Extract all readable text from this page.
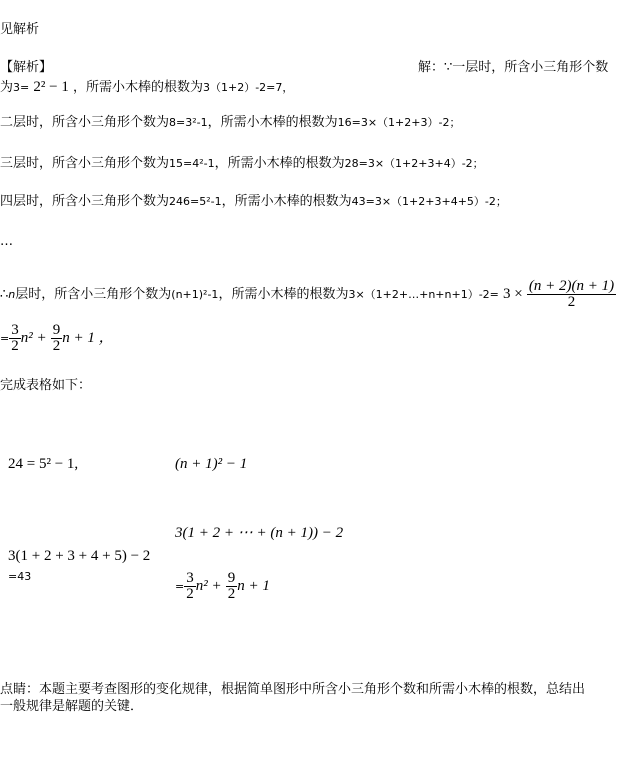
见解析
【解析】	解：∵一层时，所含小三角形个数
为3= 2² − 1 ，所需小木棒的根数为3（1+2）-2=7，
二层时，所含小三角形个数为8=3²-1，所需小木棒的根数为16=3×（1+2+3）-2；
三层时，所含小三角形个数为15=4²-1，所需小木棒的根数为28=3×（1+2+3+4）-2；
四层时，所含小三角形个数为246=5²-1，所需小木棒的根数为43=3×（1+2+3+4+5）-2；
…
∴n层时，所含小三角形个数为(n+1)²-1，所需小木棒的根数为3×（1+2+…+n+n+1）-2= $3 \times \frac{(n + 2)(n + 1)}{2}$
= $\frac{3}{2} n^2 + \frac{9}{2}$ n + 1 ，
完成表格如下：
24 = 5² − 1,	(n + 1)² − 1
3(1 + 2 + ⋯ + (n + 1)) − 2
3(1 + 2 + 3 + 4 + 5) − 2
=43
= $\frac{3}{2} n^2 + \frac{9}{2}$ n + 1
点睛：本题主要考查图形的变化规律，根据简单图形中所含小三角形个数和所需小木棒的根数，总结出
一般规律是解题的关键．
